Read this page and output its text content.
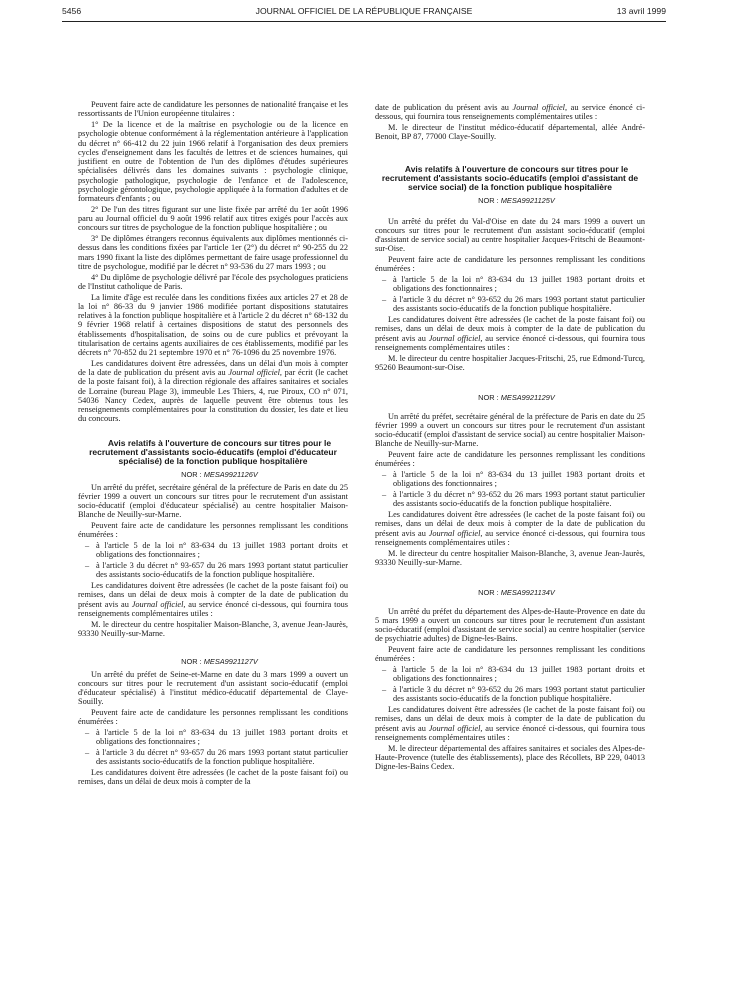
5456	JOURNAL OFFICIEL DE LA RÉPUBLIQUE FRANÇAISE	13 avril 1999

Peuvent faire acte de candidature les personnes de nationalité française et les ressortissants de l'Union européenne titulaires :

1° De la licence et de la maîtrise en psychologie ou de la licence en psychologie obtenue conformément à la réglementation antérieure à l'application du décret n° 66-412 du 22 juin 1966 relatif à l'organisation des deux premiers cycles d'enseignement dans les facultés de lettres et de sciences humaines, qui justifient en outre de l'obtention de l'un des diplômes d'études supérieures spécialisées délivrés dans les domaines suivants : psychologie clinique, psychologie pathologique, psychologie de l'enfance et de l'adolescence, psychologie gérontologique, psychologie appliquée à la formation d'adultes et de formateurs d'enfants ; ou

2° De l'un des titres figurant sur une liste fixée par arrêté du 1er août 1996 paru au Journal officiel du 9 août 1996 relatif aux titres exigés pour l'accès aux concours sur titres de psychologue de la fonction publique hospitalière ; ou

3° De diplômes étrangers reconnus équivalents aux diplômes mentionnés ci-dessus dans les conditions fixées par l'article 1er (2°) du décret n° 90-255 du 22 mars 1990 fixant la liste des diplômes permettant de faire usage professionnel du titre de psychologue, modifié par le décret n° 93-536 du 27 mars 1993 ; ou

4° Du diplôme de psychologie délivré par l'école des psychologues praticiens de l'Institut catholique de Paris.

La limite d'âge est reculée dans les conditions fixées aux articles 27 et 28 de la loi n° 86-33 du 9 janvier 1986 modifiée portant dispositions statutaires relatives à la fonction publique hospitalière et à l'article 2 du décret n° 68-132 du 9 février 1968 relatif à certaines dispositions de statut des personnels des établissements d'hospitalisation, de soins ou de cure publics et prévoyant la titularisation de certains agents auxiliaires de ces établissements, modifié par les décrets n° 70-852 du 21 septembre 1970 et n° 76-1096 du 25 novembre 1976.

Les candidatures doivent être adressées, dans un délai d'un mois à compter de la date de publication du présent avis au Journal officiel, par écrit (le cachet de la poste faisant foi), à la direction régionale des affaires sanitaires et sociales de Lorraine (bureau Plage 3), immeuble Les Thiers, 4, rue Piroux, CO n° 071, 54036 Nancy Cedex, auprès de laquelle peuvent être obtenus tous les renseignements complémentaires pour la constitution du dossier, les date et lieu du concours.

Avis relatifs à l'ouverture de concours sur titres pour le recrutement d'assistants socio-éducatifs (emploi d'éducateur spécialisé) de la fonction publique hospitalière

NOR : MESA9921126V

Un arrêté du préfet, secrétaire général de la préfecture de Paris en date du 25 février 1999 a ouvert un concours sur titres pour le recrutement d'un assistant socio-éducatif (emploi d'éducateur spécialisé) au centre hospitalier Maison-Blanche de Neuilly-sur-Marne.

Peuvent faire acte de candidature les personnes remplissant les conditions énumérées :

– à l'article 5 de la loi n° 83-634 du 13 juillet 1983 portant droits et obligations des fonctionnaires ;

– à l'article 3 du décret n° 93-657 du 26 mars 1993 portant statut particulier des assistants socio-éducatifs de la fonction publique hospitalière.

Les candidatures doivent être adressées (le cachet de la poste faisant foi) ou remises, dans un délai de deux mois à compter de la date de publication du présent avis au Journal officiel, au service énoncé ci-dessous, qui fournira tous renseignements complémentaires utiles :

M. le directeur du centre hospitalier Maison-Blanche, 3, avenue Jean-Jaurès, 93330 Neuilly-sur-Marne.

NOR : MESA9921127V

Un arrêté du préfet de Seine-et-Marne en date du 3 mars 1999 a ouvert un concours sur titres pour le recrutement d'un assistant socio-éducatif (emploi d'éducateur spécialisé) à l'institut médico-éducatif départemental de Claye-Souilly.

Peuvent faire acte de candidature les personnes remplissant les conditions énumérées :

– à l'article 5 de la loi n° 83-634 du 13 juillet 1983 portant droits et obligations des fonctionnaires ;

– à l'article 3 du décret n° 93-657 du 26 mars 1993 portant statut particulier des assistants socio-éducatifs de la fonction publique hospitalière.

Les candidatures doivent être adressées (le cachet de la poste faisant foi) ou remises, dans un délai de deux mois à compter de la

date de publication du présent avis au Journal officiel, au service énoncé ci-dessous, qui fournira tous renseignements complémentaires utiles :

M. le directeur de l'institut médico-éducatif départemental, allée André-Benoit, BP 87, 77000 Claye-Souilly.

Avis relatifs à l'ouverture de concours sur titres pour le recrutement d'assistants socio-éducatifs (emploi d'assistant de service social) de la fonction publique hospitalière

NOR : MESA9921125V

Un arrêté du préfet du Val-d'Oise en date du 24 mars 1999 a ouvert un concours sur titres pour le recrutement d'un assistant socio-éducatif (emploi d'assistant de service social) au centre hospitalier Jacques-Fritschi de Beaumont-sur-Oise.

Peuvent faire acte de candidature les personnes remplissant les conditions énumérées :

– à l'article 5 de la loi n° 83-634 du 13 juillet 1983 portant droits et obligations des fonctionnaires ;

– à l'article 3 du décret n° 93-652 du 26 mars 1993 portant statut particulier des assistants socio-éducatifs de la fonction publique hospitalière.

Les candidatures doivent être adressées (le cachet de la poste faisant foi) ou remises, dans un délai de deux mois à compter de la date de publication du présent avis au Journal officiel, au service énoncé ci-dessous, qui fournira tous renseignements complémentaires utiles :

M. le directeur du centre hospitalier Jacques-Fritschi, 25, rue Edmond-Turcq, 95260 Beaumont-sur-Oise.

NOR : MESA9921129V

Un arrêté du préfet, secrétaire général de la préfecture de Paris en date du 25 février 1999 a ouvert un concours sur titres pour le recrutement d'un assistant socio-éducatif (emploi d'assistant de service social) au centre hospitalier Maison-Blanche de Neuilly-sur-Marne.

Peuvent faire acte de candidature les personnes remplissant les conditions énumérées :

– à l'article 5 de la loi n° 83-634 du 13 juillet 1983 portant droits et obligations des fonctionnaires ;

– à l'article 3 du décret n° 93-652 du 26 mars 1993 portant statut particulier des assistants socio-éducatifs de la fonction publique hospitalière.

Les candidatures doivent être adressées (le cachet de la poste faisant foi) ou remises, dans un délai de deux mois à compter de la date de publication du présent avis au Journal officiel, au service énoncé ci-dessous, qui fournira tous renseignements complémentaires utiles :

M. le directeur du centre hospitalier Maison-Blanche, 3, avenue Jean-Jaurès, 93330 Neuilly-sur-Marne.

NOR : MESA9921134V

Un arrêté du préfet du département des Alpes-de-Haute-Provence en date du 5 mars 1999 a ouvert un concours sur titres pour le recrutement d'un assistant socio-éducatif (emploi d'assistant de service social) au centre hospitalier (service de psychiatrie adultes) de Digne-les-Bains.

Peuvent faire acte de candidature les personnes remplissant les conditions énumérées :

– à l'article 5 de la loi n° 83-634 du 13 juillet 1983 portant droits et obligations des fonctionnaires ;

– à l'article 3 du décret n° 93-652 du 26 mars 1993 portant statut particulier des assistants socio-éducatifs de la fonction publique hospitalière.

Les candidatures doivent être adressées (le cachet de la poste faisant foi) ou remises, dans un délai de deux mois à compter de la date de publication du présent avis au Journal officiel, au service énoncé ci-dessous, qui fournira tous renseignements complémentaires utiles :

M. le directeur départemental des affaires sanitaires et sociales des Alpes-de-Haute-Provence (tutelle des établissements), place des Récollets, BP 229, 04013 Digne-les-Bains Cedex.
